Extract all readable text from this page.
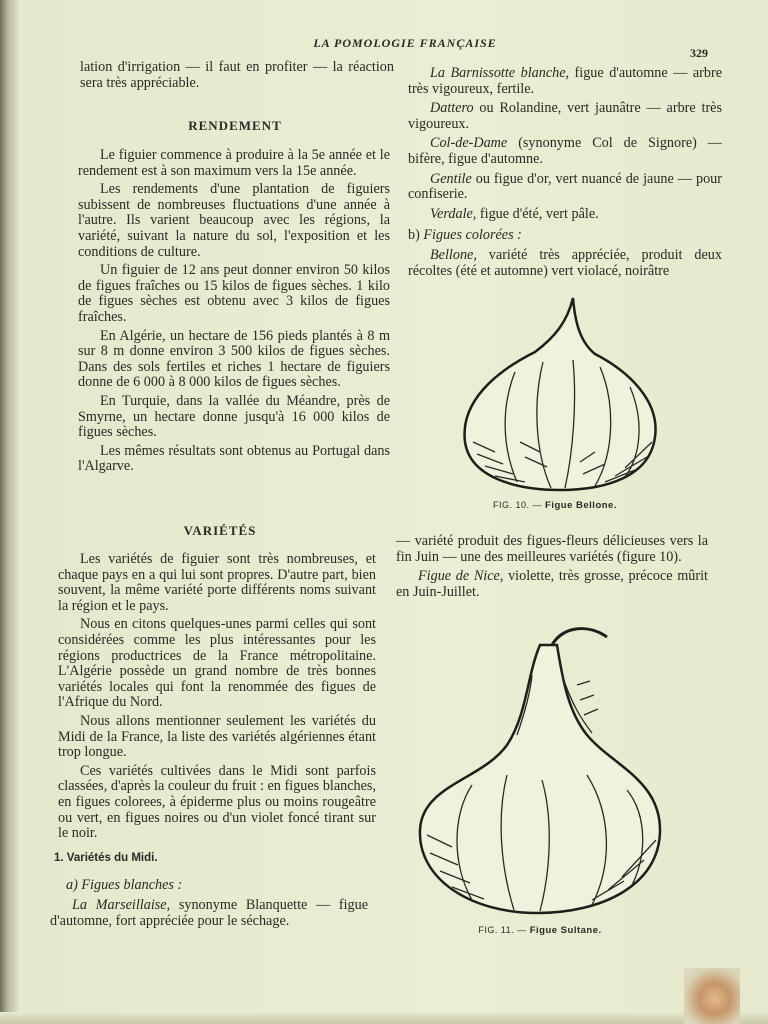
LA POMOLOGIE FRANÇAISE
329

lation d'irrigation — il faut en profiter — la réaction sera très appréciable.

RENDEMENT

Le figuier commence à produire à la 5e année et le rendement est à son maximum vers la 15e année.

Les rendements d'une plantation de figuiers subissent de nombreuses fluctuations d'une année à l'autre. Ils varient beaucoup avec les régions, la variété, suivant la nature du sol, l'exposition et les conditions de culture.

Un figuier de 12 ans peut donner environ 50 kilos de figues fraîches ou 15 kilos de figues sèches. 1 kilo de figues sèches est obtenu avec 3 kilos de figues fraîches.

En Algérie, un hectare de 156 pieds plantés à 8 m sur 8 m donne environ 3 500 kilos de figues sèches. Dans des sols fertiles et riches 1 hectare de figuiers donne de 6 000 à 8 000 kilos de figues sèches.

En Turquie, dans la vallée du Méandre, près de Smyrne, un hectare donne jusqu'à 16 000 kilos de figues sèches.

Les mêmes résultats sont obtenus au Portugal dans l'Algarve.

VARIÉTÉS

Les variétés de figuier sont très nombreuses, et chaque pays en a qui lui sont propres. D'autre part, bien souvent, la même variété porte différents noms suivant la région et le pays.

Nous en citons quelques-unes parmi celles qui sont considérées comme les plus intéressantes pour les régions productrices de la France métropolitaine. L'Algérie possède un grand nombre de très bonnes variétés locales qui font la renommée des figues de l'Afrique du Nord.

Nous allons mentionner seulement les variétés du Midi de la France, la liste des variétés algériennes étant trop longue.

Ces variétés cultivées dans le Midi sont parfois classées, d'après la couleur du fruit : en figues blanches, en figues colorees, à épiderme plus ou moins rougeâtre ou vert, en figues noires ou d'un violet foncé tirant sur le noir.

1. Variétés du Midi.
a) Figues blanches :

La Marseillaise, synonyme Blanquette — figue d'automne, fort appréciée pour le séchage.

La Barnissotte blanche, figue d'automne — arbre très vigoureux, fertile.

Dattero ou Rolandine, vert jaunâtre — arbre très vigoureux.

Col-de-Dame (synonyme Col de Signore) — bifère, figue d'automne.

Gentile ou figue d'or, vert nuancé de jaune — pour confiserie.

Verdale, figue d'été, vert pâle.

b) Figues colorées :

Bellone, variété très appréciée, produit deux récoltes (été et automne) vert violacé, noirâtre

FIG. 10. — Figue Bellone.

— variété produit des figues-fleurs délicieuses vers la fin Juin — une des meilleures variétés (figure 10).

Figue de Nice, violette, très grosse, précoce mûrit en Juin-Juillet.

FIG. 11. — Figue Sultane.
